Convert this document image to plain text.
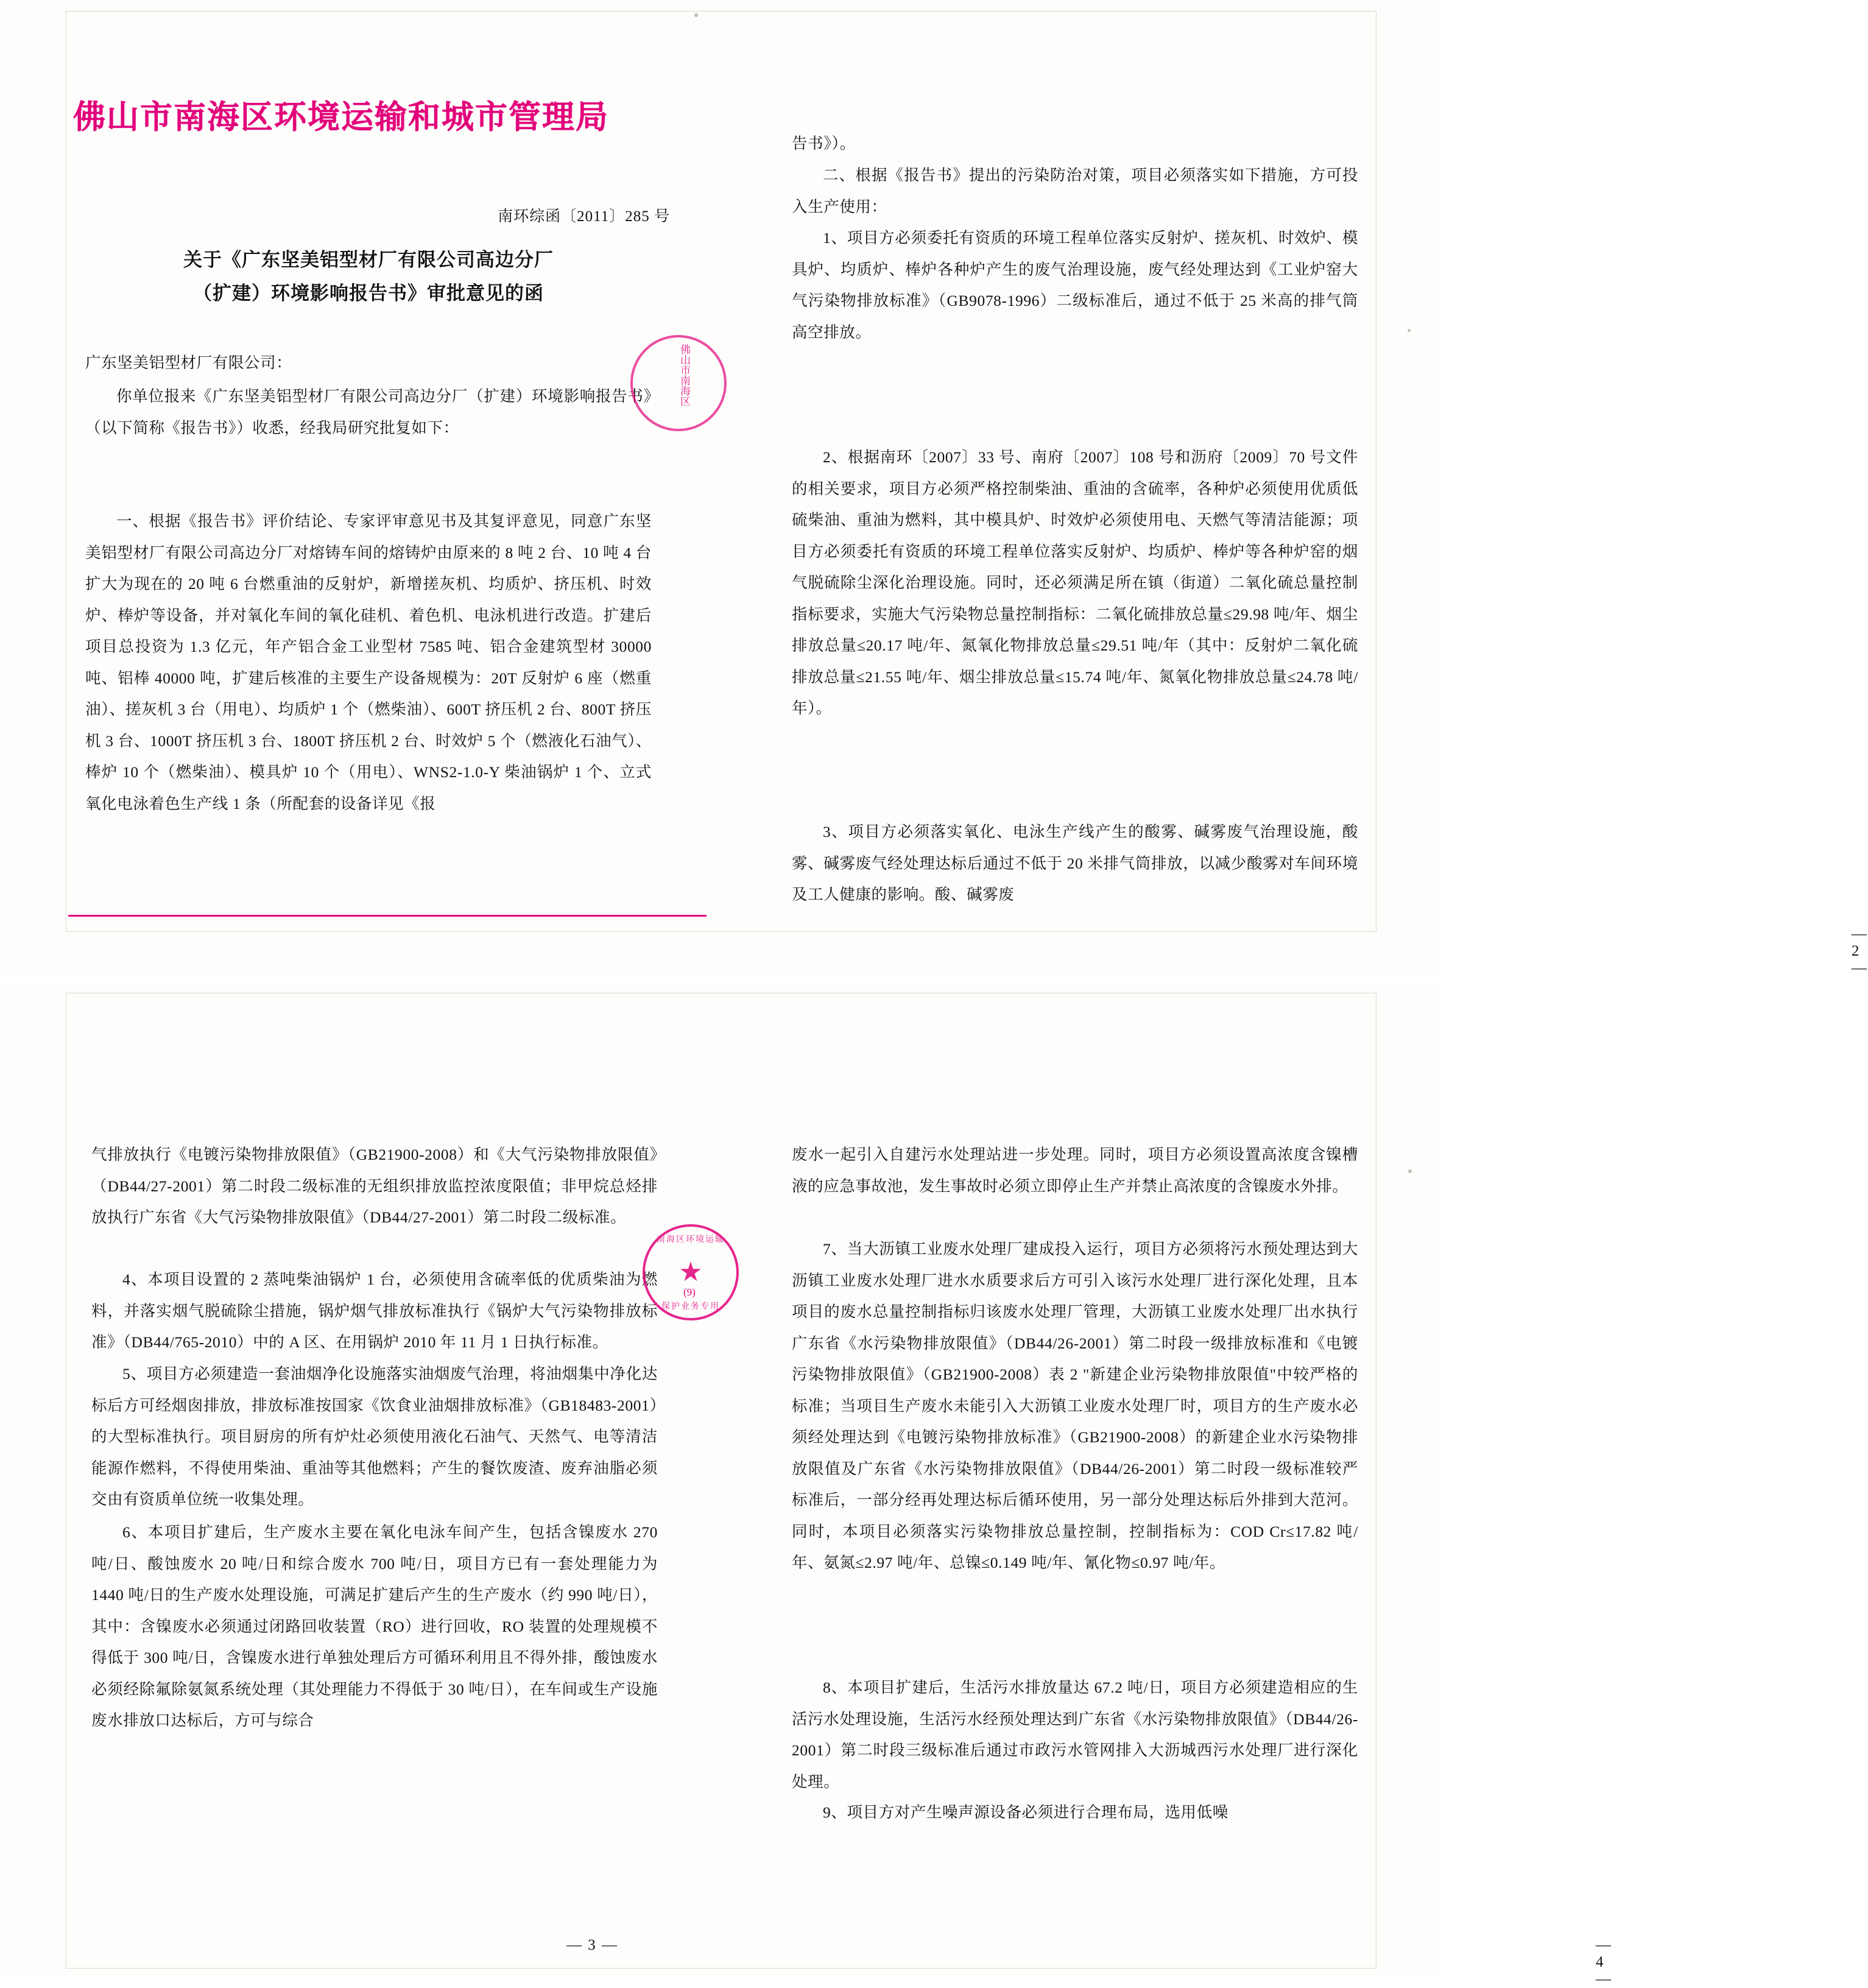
佛山市南海区环境运输和城市管理局
南环综函〔2011〕285 号
关于《广东坚美铝型材厂有限公司高边分厂
（扩建）环境影响报告书》审批意见的函
广东坚美铝型材厂有限公司：
你单位报来《广东坚美铝型材厂有限公司高边分厂（扩建）环境影响报告书》（以下简称《报告书》）收悉，经我局研究批复如下：
一、根据《报告书》评价结论、专家评审意见书及其复评意见，同意广东坚美铝型材厂有限公司高边分厂对熔铸车间的熔铸炉由原来的 8 吨 2 台、10 吨 4 台扩大为现在的 20 吨 6 台燃重油的反射炉，新增搓灰机、均质炉、挤压机、时效炉、棒炉等设备，并对氧化车间的氧化硅机、着色机、电泳机进行改造。扩建后项目总投资为 1.3 亿元，年产铝合金工业型材 7585 吨、铝合金建筑型材 30000 吨、铝棒 40000 吨，扩建后核准的主要生产设备规模为：20T 反射炉 6 座（燃重油）、搓灰机 3 台（用电）、均质炉 1 个（燃柴油）、600T 挤压机 2 台、800T 挤压机 3 台、1000T 挤压机 3 台、1800T 挤压机 2 台、时效炉 5 个（燃液化石油气）、棒炉 10 个（燃柴油）、模具炉 10 个（用电）、WNS2-1.0-Y 柴油锅炉 1 个、立式氧化电泳着色生产线 1 条（所配套的设备详见《报
佛山市南海区
告书》）。
二、根据《报告书》提出的污染防治对策，项目必须落实如下措施，方可投入生产使用：
1、项目方必须委托有资质的环境工程单位落实反射炉、搓灰机、时效炉、模具炉、均质炉、棒炉各种炉产生的废气治理设施，废气经处理达到《工业炉窑大气污染物排放标准》（GB9078-1996）二级标准后，通过不低于 25 米高的排气筒高空排放。
2、根据南环〔2007〕33 号、南府〔2007〕108 号和沥府〔2009〕70 号文件的相关要求，项目方必须严格控制柴油、重油的含硫率，各种炉必须使用优质低硫柴油、重油为燃料，其中模具炉、时效炉必须使用电、天燃气等清洁能源；项目方必须委托有资质的环境工程单位落实反射炉、均质炉、棒炉等各种炉窑的烟气脱硫除尘深化治理设施。同时，还必须满足所在镇（街道）二氧化硫总量控制指标要求，实施大气污染物总量控制指标：二氧化硫排放总量≤29.98 吨/年、烟尘排放总量≤20.17 吨/年、氮氧化物排放总量≤29.51 吨/年（其中：反射炉二氧化硫排放总量≤21.55 吨/年、烟尘排放总量≤15.74 吨/年、氮氧化物排放总量≤24.78 吨/年）。
3、项目方必须落实氧化、电泳生产线产生的酸雾、碱雾废气治理设施，酸雾、碱雾废气经处理达标后通过不低于 20 米排气筒排放，以减少酸雾对车间环境及工人健康的影响。酸、碱雾废
— 2 —
气排放执行《电镀污染物排放限值》（GB21900-2008）和《大气污染物排放限值》（DB44/27-2001）第二时段二级标准的无组织排放监控浓度限值；非甲烷总烃排放执行广东省《大气污染物排放限值》（DB44/27-2001）第二时段二级标准。
4、本项目设置的 2 蒸吨柴油锅炉 1 台，必须使用含硫率低的优质柴油为燃料，并落实烟气脱硫除尘措施，锅炉烟气排放标准执行《锅炉大气污染物排放标准》（DB44/765-2010）中的 A 区、在用锅炉 2010 年 11 月 1 日执行标准。
5、项目方必须建造一套油烟净化设施落实油烟废气治理，将油烟集中净化达标后方可经烟囱排放，排放标准按国家《饮食业油烟排放标准》（GB18483-2001）的大型标准执行。项目厨房的所有炉灶必须使用液化石油气、天然气、电等清洁能源作燃料，不得使用柴油、重油等其他燃料；产生的餐饮废渣、废弃油脂必须交由有资质单位统一收集处理。
6、本项目扩建后，生产废水主要在氧化电泳车间产生，包括含镍废水 270 吨/日、酸蚀废水 20 吨/日和综合废水 700 吨/日，项目方已有一套处理能力为 1440 吨/日的生产废水处理设施，可满足扩建后产生的生产废水（约 990 吨/日），其中：含镍废水必须通过闭路回收装置（RO）进行回收，RO 装置的处理规模不得低于 300 吨/日，含镍废水进行单独处理后方可循环利用且不得外排，酸蚀废水必须经除氟除氨氮系统处理（其处理能力不得低于 30 吨/日），在车间或生产设施废水排放口达标后，方可与综合
— 3 —
南海区环境运输
★
保护业务专用
(9)
废水一起引入自建污水处理站进一步处理。同时，项目方必须设置高浓度含镍槽液的应急事故池，发生事故时必须立即停止生产并禁止高浓度的含镍废水外排。
7、当大沥镇工业废水处理厂建成投入运行，项目方必须将污水预处理达到大沥镇工业废水处理厂进水水质要求后方可引入该污水处理厂进行深化处理，且本项目的废水总量控制指标归该废水处理厂管理，大沥镇工业废水处理厂出水执行广东省《水污染物排放限值》（DB44/26-2001）第二时段一级排放标准和《电镀污染物排放限值》（GB21900-2008）表 2 "新建企业污染物排放限值"中较严格的标准；当项目生产废水未能引入大沥镇工业废水处理厂时，项目方的生产废水必须经处理达到《电镀污染物排放标准》（GB21900-2008）的新建企业水污染物排放限值及广东省《水污染物排放限值》（DB44/26-2001）第二时段一级标准较严标准后，一部分经再处理达标后循环使用，另一部分处理达标后外排到大范河。同时，本项目必须落实污染物排放总量控制，控制指标为：COD Cr≤17.82 吨/年、氨氮≤2.97 吨/年、总镍≤0.149 吨/年、氰化物≤0.97 吨/年。
8、本项目扩建后，生活污水排放量达 67.2 吨/日，项目方必须建造相应的生活污水处理设施，生活污水经预处理达到广东省《水污染物排放限值》（DB44/26-2001）第二时段三级标准后通过市政污水管网排入大沥城西污水处理厂进行深化处理。
9、项目方对产生噪声源设备必须进行合理布局，选用低噪
— 4 —
